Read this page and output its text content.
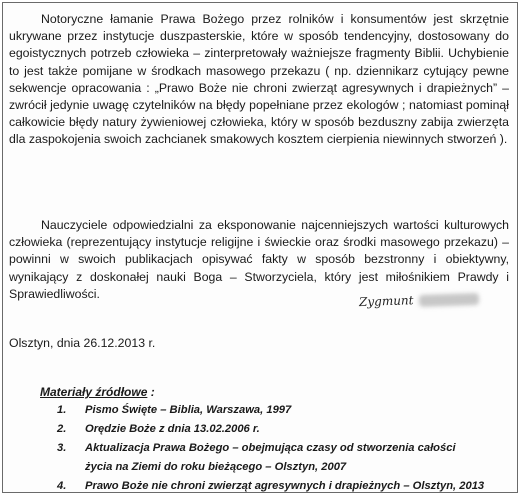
Notoryczne łamanie Prawa Bożego przez rolników i konsumentów jest skrzętnie ukrywane przez instytucje duszpasterskie, które w sposób tendencyjny, dostosowany do egoistycznych potrzeb człowieka – zinterpretowały ważniejsze fragmenty Biblii. Uchybienie to jest także pomijane w środkach masowego przekazu ( np. dziennikarz cytujący pewne sekwencje opracowania : „Prawo Boże nie chroni zwierząt agresywnych i drapieżnych” – zwrócił jedynie uwagę czytelników na błędy popełniane przez ekologów ; natomiast pominął całkowicie błędy natury żywieniowej człowieka, który w sposób bezduszny zabija zwierzęta dla zaspokojenia swoich zachcianek smakowych kosztem cierpienia niewinnych stworzeń ).

Nauczyciele odpowiedzialni za eksponowanie najcenniejszych wartości kulturowych człowieka (reprezentujący instytucje religijne i świeckie oraz środki masowego przekazu) – powinni w swoich publikacjach opisywać fakty w sposób bezstronny i obiektywny, wynikający z doskonałej nauki Boga – Stworzyciela, który jest miłośnikiem Prawdy i Sprawiedliwości.	Zygmunt
Olsztyn, dnia 26.12.2013 r.
Materiały źródłowe :
1.	Pismo Święte – Biblia, Warszawa, 1997
2.	Orędzie Boże z dnia 13.02.2006 r.
3.	Aktualizacja Prawa Bożego – obejmująca czasy od stworzenia całości
życia na Ziemi do roku bieżącego – Olsztyn, 2007
4.	Prawo Boże nie chroni zwierząt agresywnych i drapieżnych – Olsztyn, 2013
